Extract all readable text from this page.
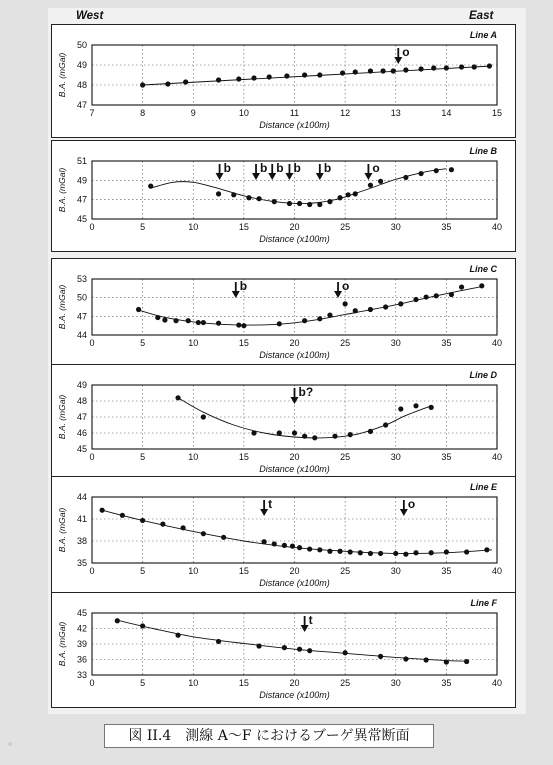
West	East
7	8	9	10	11	12	13	14	15
47
48
49
50
Distance (x100m)
B.A. (mGal)
Line A
o
0	5	10	15	20	25	30	35	40
45
47
49
51
Distance (x100m)
B.A. (mGal)
Line B
b b b b b	o
0	5	10	15	20	25	30	35	40
44
47
50
53
Distance (x100m)
B.A. (mGal)
Line C
b	o
0	5	10	15	20	25	30	35	40
45
46
47
48
49
Distance (x100m)
B.A. (mGal)
Line D
b?
0	5	10	15	20	25	30	35	40
35
38
41
44
Distance (x100m)
B.A. (mGal)
Line E
t	o
0	5	10	15	20	25	30	35	40
33
36
39
42
45
Distance (x100m)
B.A. (mGal)
Line F
t
図 II.4　測線 A～F におけるブーゲ異常断面
○
